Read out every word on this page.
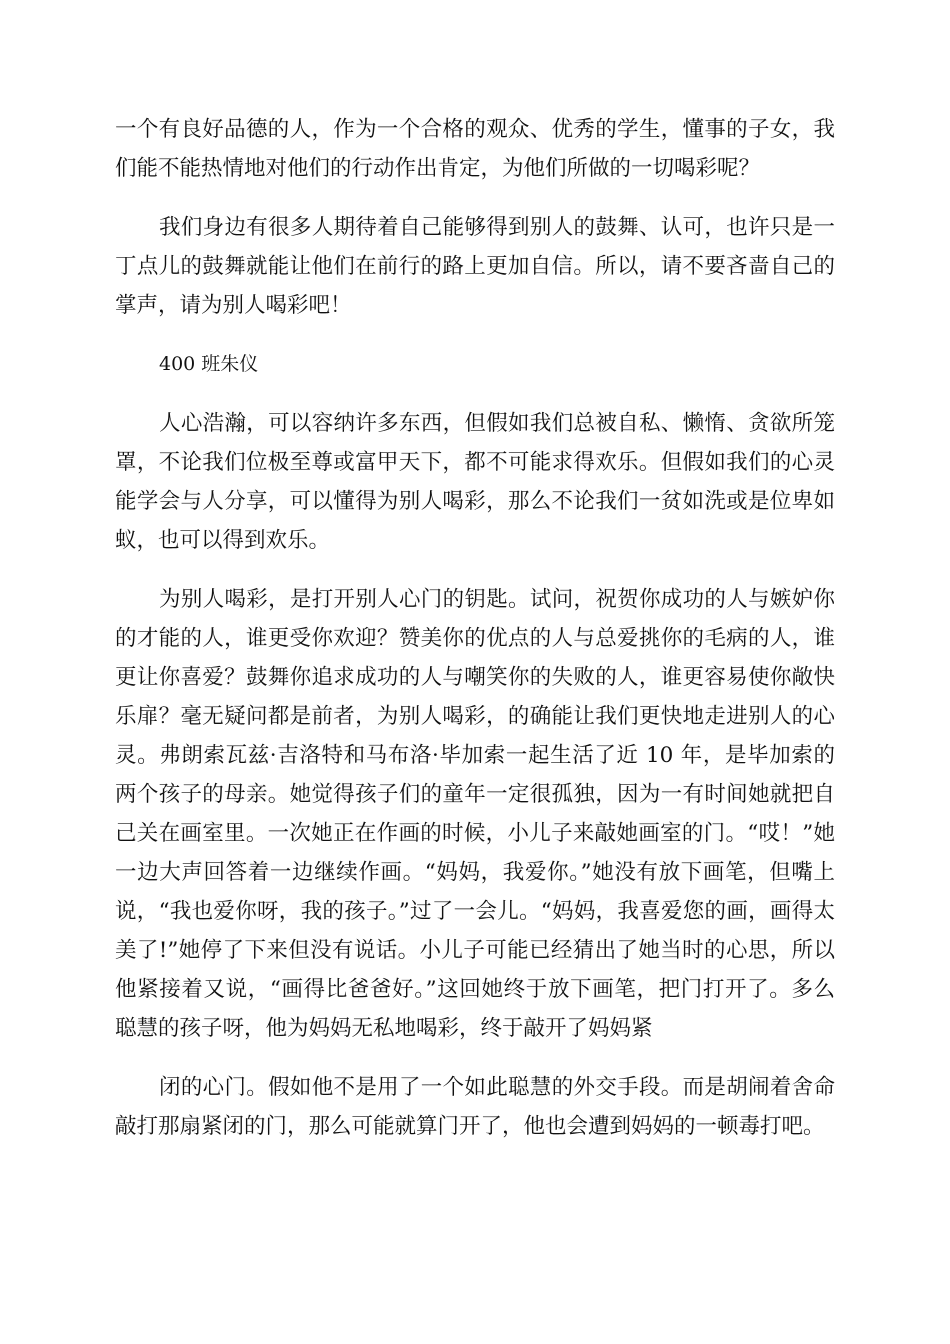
一个有良好品德的人，作为一个合格的观众、优秀的学生，懂事的子女，我们能不能热情地对他们的行动作出肯定，为他们所做的一切喝彩呢？

我们身边有很多人期待着自己能够得到别人的鼓舞、认可，也许只是一丁点儿的鼓舞就能让他们在前行的路上更加自信。所以，请不要吝啬自己的掌声，请为别人喝彩吧！

400 班朱仪

人心浩瀚，可以容纳许多东西，但假如我们总被自私、懒惰、贪欲所笼罩，不论我们位极至尊或富甲天下，都不可能求得欢乐。但假如我们的心灵能学会与人分享，可以懂得为别人喝彩，那么不论我们一贫如洗或是位卑如蚁，也可以得到欢乐。

为别人喝彩，是打开别人心门的钥匙。试问，祝贺你成功的人与嫉妒你的才能的人，谁更受你欢迎？赞美你的优点的人与总爱挑你的毛病的人，谁更让你喜爱？鼓舞你追求成功的人与嘲笑你的失败的人，谁更容易使你敞快乐扉？毫无疑问都是前者，为别人喝彩，的确能让我们更快地走进别人的心灵。弗朗索瓦兹·吉洛特和马布洛·毕加索一起生活了近 10 年，是毕加索的两个孩子的母亲。她觉得孩子们的童年一定很孤独，因为一有时间她就把自己关在画室里。一次她正在作画的时候，小儿子来敲她画室的门。“哎！”她一边大声回答着一边继续作画。“妈妈，我爱你。”她没有放下画笔，但嘴上说，“我也爱你呀，我的孩子。”过了一会儿。“妈妈，我喜爱您的画，画得太美了!”她停了下来但没有说话。小儿子可能已经猜出了她当时的心思，所以他紧接着又说，“画得比爸爸好。”这回她终于放下画笔，把门打开了。多么聪慧的孩子呀，他为妈妈无私地喝彩，终于敲开了妈妈紧

闭的心门。假如他不是用了一个如此聪慧的外交手段。而是胡闹着舍命敲打那扇紧闭的门，那么可能就算门开了，他也会遭到妈妈的一顿毒打吧。
